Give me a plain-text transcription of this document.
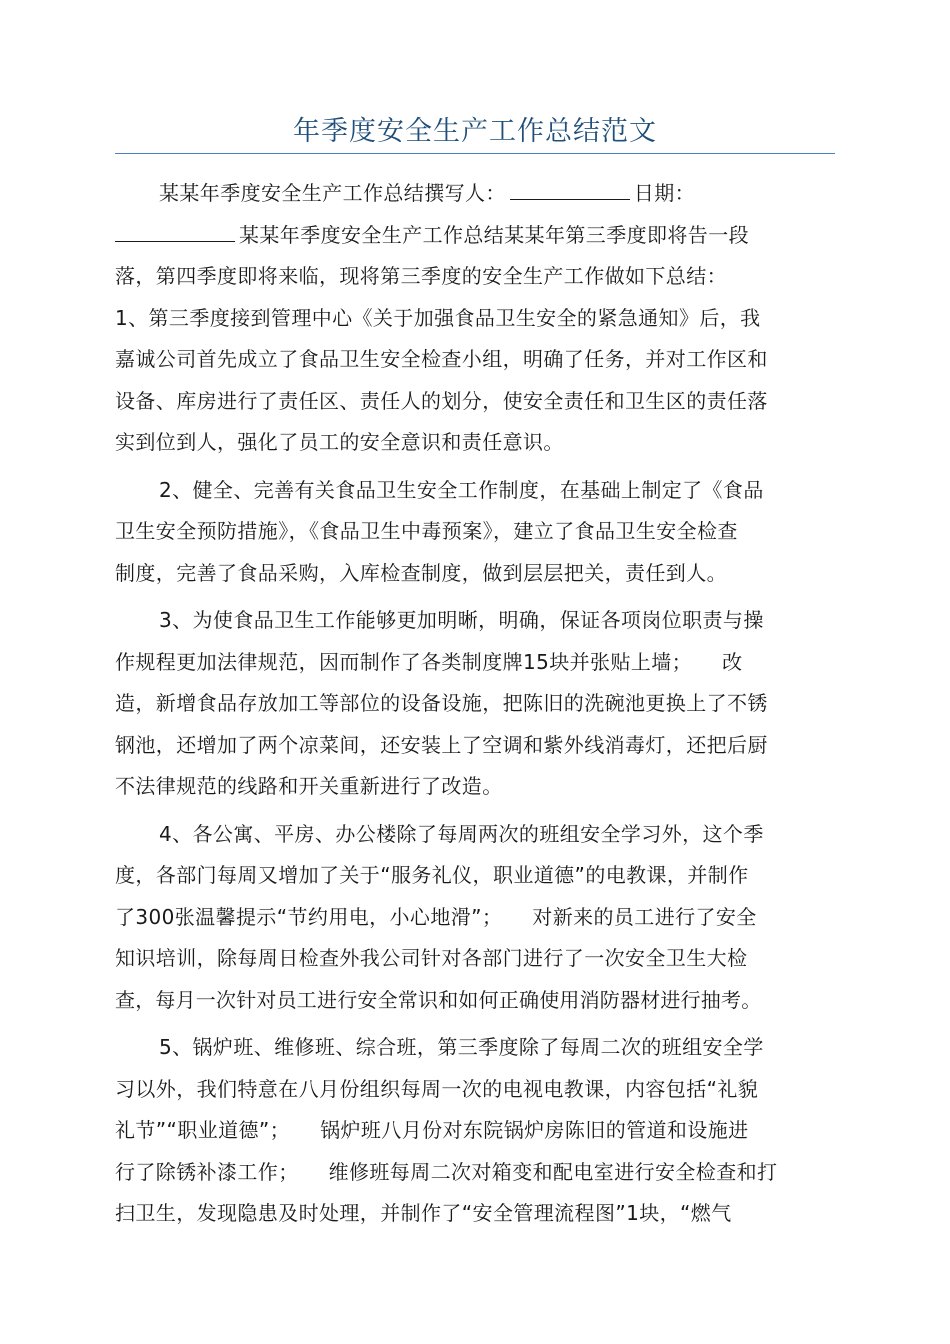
年季度安全生产工作总结范文
某某年季度安全生产工作总结撰写人：	日期：
某某年季度安全生产工作总结某某年第三季度即将告一段
落，第四季度即将来临，现将第三季度的安全生产工作做如下总结：
1、第三季度接到管理中心《关于加强食品卫生安全的紧急通知》后，我
嘉诚公司首先成立了食品卫生安全检查小组，明确了任务，并对工作区和
设备、库房进行了责任区、责任人的划分，使安全责任和卫生区的责任落
实到位到人，强化了员工的安全意识和责任意识。
2、健全、完善有关食品卫生安全工作制度，在基础上制定了《食品
卫生安全预防措施》，《食品卫生中毒预案》，建立了食品卫生安全检查
制度，完善了食品采购，入库检查制度，做到层层把关，责任到人。
3、为使食品卫生工作能够更加明晰，明确，保证各项岗位职责与操
作规程更加法律规范，因而制作了各类制度牌15块并张贴上墙； 改
造，新增食品存放加工等部位的设备设施，把陈旧的洗碗池更换上了不锈
钢池，还增加了两个凉菜间，还安装上了空调和紫外线消毒灯，还把后厨
不法律规范的线路和开关重新进行了改造。
4、各公寓、平房、办公楼除了每周两次的班组安全学习外，这个季
度，各部门每周又增加了关于“服务礼仪，职业道德”的电教课，并制作
了300张温馨提示“节约用电，小心地滑”； 对新来的员工进行了安全
知识培训，除每周日检查外我公司针对各部门进行了一次安全卫生大检
查，每月一次针对员工进行安全常识和如何正确使用消防器材进行抽考。
5、锅炉班、维修班、综合班，第三季度除了每周二次的班组安全学
习以外，我们特意在八月份组织每周一次的电视电教课，内容包括“礼貌
礼节”“职业道德”； 锅炉班八月份对东院锅炉房陈旧的管道和设施进
行了除锈补漆工作； 维修班每周二次对箱变和配电室进行安全检查和打
扫卫生，发现隐患及时处理，并制作了“安全管理流程图”1块，“燃气
